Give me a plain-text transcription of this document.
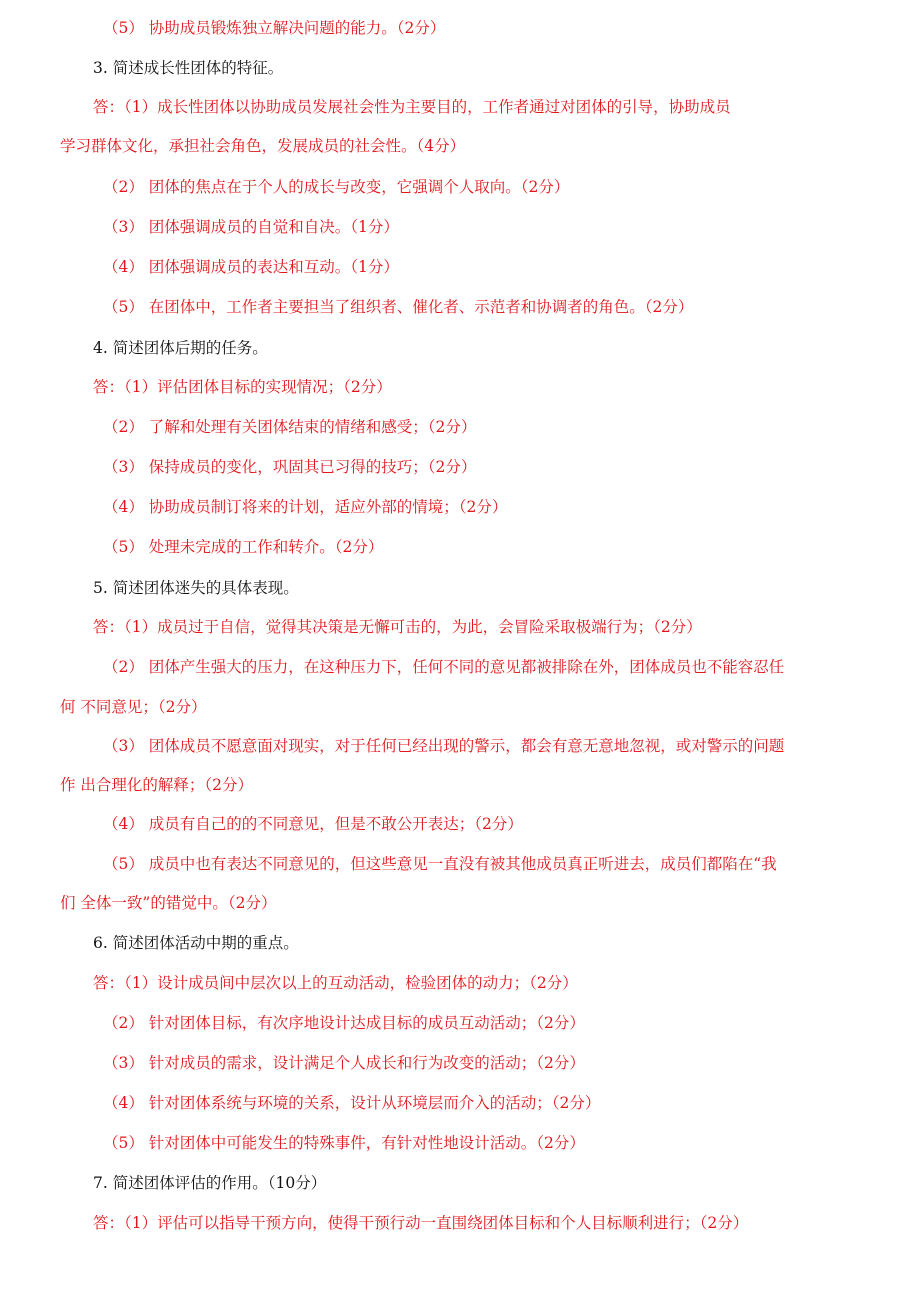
（5） 协助成员锻炼独立解决问题的能力。（2分）
3. 简述成长性团体的特征。
答：（1）成长性团体以协助成员发展社会性为主要目的，工作者通过对团体的引导，协助成员
学习群体文化，承担社会角色，发展成员的社会性。（4分）
（2） 团体的焦点在于个人的成长与改变，它强调个人取向。（2分）
（3） 团体强调成员的自觉和自决。（1分）
（4） 团体强调成员的表达和互动。（1分）
（5） 在团体中，工作者主要担当了组织者、催化者、示范者和协调者的角色。（2分）
4. 简述团体后期的任务。
答：（1）评估团体目标的实现情况；（2分）
（2） 了解和处理有关团体结束的情绪和感受；（2分）
（3） 保持成员的变化，巩固其已习得的技巧；（2分）
（4） 协助成员制订将来的计划，适应外部的情境；（2分）
（5） 处理未完成的工作和转介。（2分）
5. 简述团体迷失的具体表现。
答：（1）成员过于自信，觉得其决策是无懈可击的，为此，会冒险采取极端行为；（2分）
（2） 团体产生强大的压力，在这种压力下，任何不同的意见都被排除在外，团体成员也不能容忍任
何 不同意见；（2分）
（3） 团体成员不愿意面对现实，对于任何已经出现的警示，都会有意无意地忽视，或对警示的问题
作 出合理化的解释；（2分）
（4） 成员有自己的的不同意见，但是不敢公开表达；（2分）
（5） 成员中也有表达不同意见的，但这些意见一直没有被其他成员真正听进去，成员们都陷在“我
们 全体一致”的错觉中。（2分）
6. 简述团体活动中期的重点。
答：（1）设计成员间中层次以上的互动活动，检验团体的动力；（2分）
（2） 针对团体目标，有次序地设计达成目标的成员互动活动；（2分）
（3） 针对成员的需求，设计满足个人成长和行为改变的活动；（2分）
（4） 针对团体系统与环境的关系，设计从环境层而介入的活动；（2分）
（5） 针对团体中可能发生的特殊事件，有针对性地设计活动。（2分）
7. 简述团体评估的作用。（10分）
答：（1）评估可以指导干预方向，使得干预行动一直围绕团体目标和个人目标顺利进行；（2分）
